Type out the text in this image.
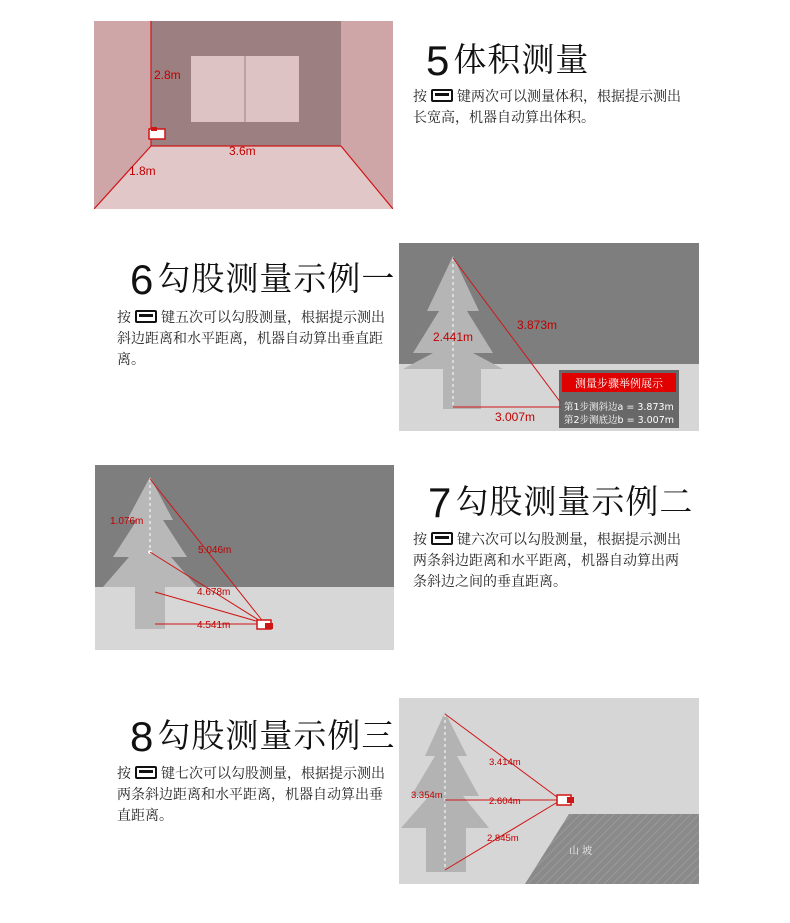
2.8m
3.6m
1.8m
5体积测量
按 键两次可以测量体积，根据提示测出长宽高，机器自动算出体积。
6勾股测量示例一
按 键五次可以勾股测量，根据提示测出斜边距离和水平距离，机器自动算出垂直距离。
2.441m
3.873m
3.007m
测量步骤举例展示
第1步测斜边a = 3.873m
第2步测底边b = 3.007m
1.076m
5.046m
4.678m
4.541m
7勾股测量示例二
按 键六次可以勾股测量，根据提示测出两条斜边距离和水平距离，机器自动算出两条斜边之间的垂直距离。
8勾股测量示例三
按 键七次可以勾股测量，根据提示测出两条斜边距离和水平距离，机器自动算出垂直距离。
3.354m
3.414m
2.604m
2.845m
山 坡
